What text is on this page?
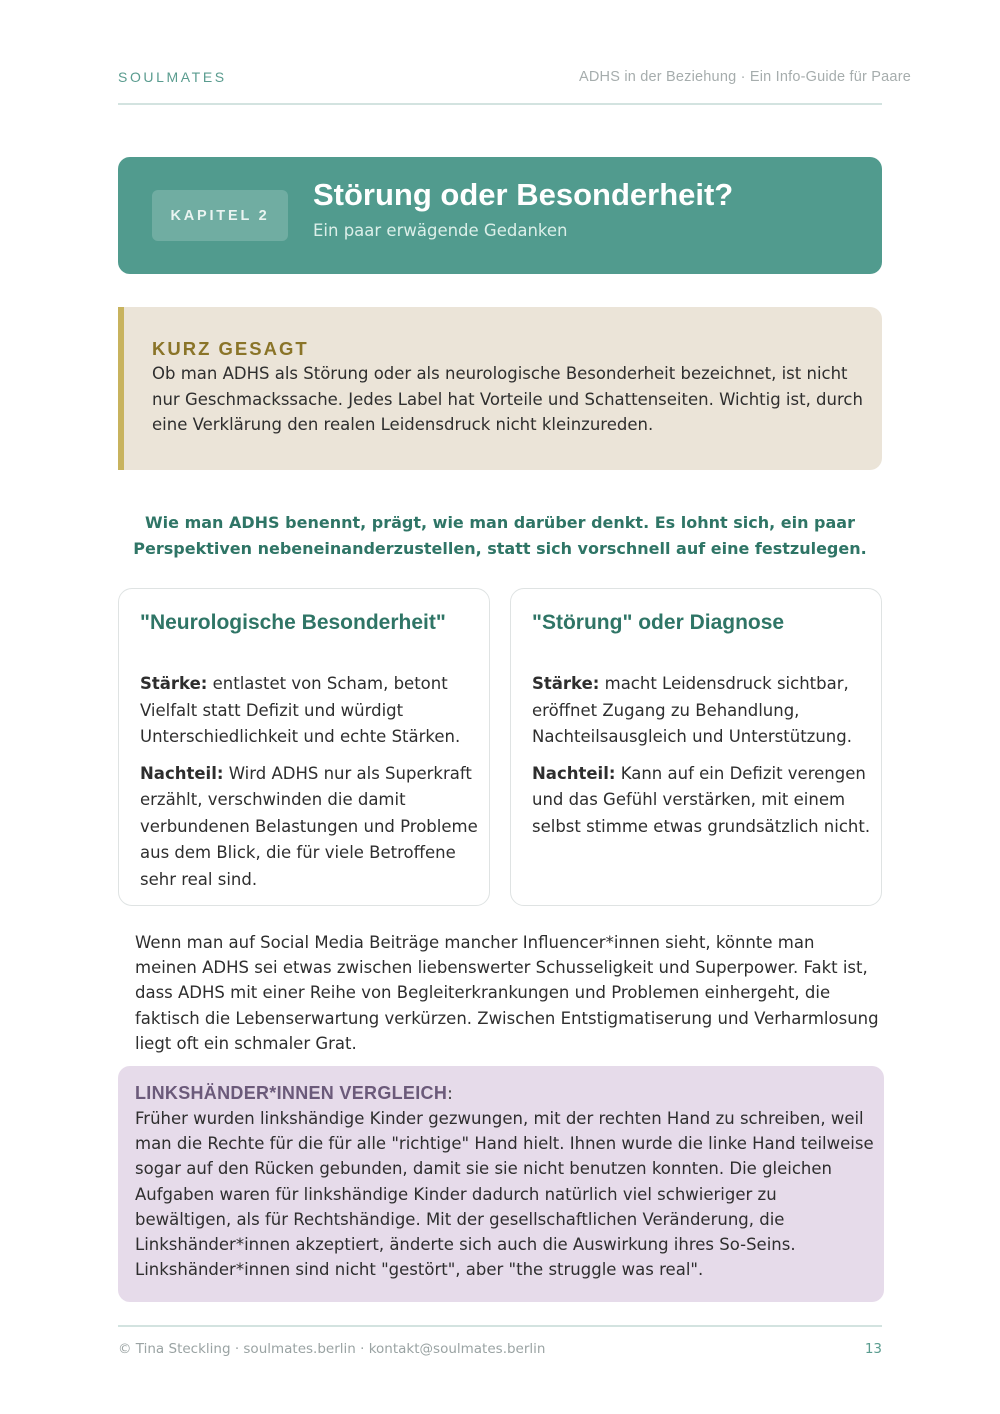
SOULMATES	ADHS in der Beziehung · Ein Info-Guide für Paare
KAPITEL 2
Störung oder Besonderheit?
Ein paar erwägende Gedanken
KURZ GESAGT
Ob man ADHS als Störung oder als neurologische Besonderheit bezeichnet, ist nicht nur Geschmackssache. Jedes Label hat Vorteile und Schattenseiten. Wichtig ist, durch eine Verklärung den realen Leidensdruck nicht kleinzureden.
Wie man ADHS benennt, prägt, wie man darüber denkt. Es lohnt sich, ein paar Perspektiven nebeneinanderzustellen, statt sich vorschnell auf eine festzulegen.
"Neurologische Besonderheit"

Stärke: entlastet von Scham, betont Vielfalt statt Defizit und würdigt Unterschiedlichkeit und echte Stärken.

Nachteil: Wird ADHS nur als Superkraft erzählt, verschwinden die damit verbundenen Belastungen und Probleme aus dem Blick, die für viele Betroffene sehr real sind.

"Störung" oder Diagnose

Stärke: macht Leidensdruck sichtbar, eröffnet Zugang zu Behandlung, Nachteilsausgleich und Unterstützung.

Nachteil: Kann auf ein Defizit verengen und das Gefühl verstärken, mit einem selbst stimme etwas grundsätzlich nicht.

Wenn man auf Social Media Beiträge mancher Influencer*innen sieht, könnte man meinen ADHS sei etwas zwischen liebenswerter Schusseligkeit und Superpower. Fakt ist, dass ADHS mit einer Reihe von Begleiterkrankungen und Problemen einhergeht, die faktisch die Lebenserwartung verkürzen. Zwischen Entstigmatiserung und Verharmlosung liegt oft ein schmaler Grat.
LINKSHÄNDER*INNEN VERGLEICH:
Früher wurden linkshändige Kinder gezwungen, mit der rechten Hand zu schreiben, weil man die Rechte für die für alle "richtige" Hand hielt. Ihnen wurde die linke Hand teilweise sogar auf den Rücken gebunden, damit sie sie nicht benutzen konnten. Die gleichen Aufgaben waren für linkshändige Kinder dadurch natürlich viel schwieriger zu bewältigen, als für Rechtshändige. Mit der gesellschaftlichen Veränderung, die Linkshänder*innen akzeptiert, änderte sich auch die Auswirkung ihres So-Seins. Linkshänder*innen sind nicht "gestört", aber "the struggle was real".
© Tina Steckling · soulmates.berlin · kontakt@soulmates.berlin	13
